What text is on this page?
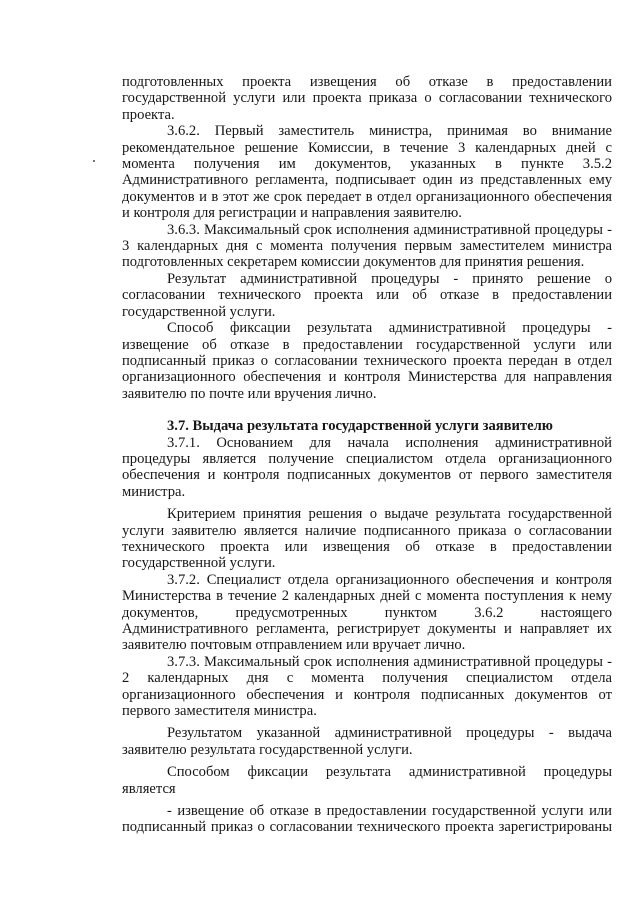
подготовленных проекта извещения об отказе в предоставлении
государственной услуги или проекта приказа о согласовании технического
проекта.
3.6.2. Первый заместитель министра, принимая во внимание
рекомендательное решение Комиссии, в течение 3 календарных дней с
момента получения им документов, указанных в пункте 3.5.2
Административного регламента, подписывает один из представленных ему
документов и в этот же срок передает в отдел организационного обеспечения
и контроля для регистрации и направления заявителю.
3.6.3. Максимальный срок исполнения административной процедуры -
3 календарных дня с момента получения первым заместителем министра
подготовленных секретарем комиссии документов для принятия решения.
Результат административной процедуры - принято решение о
согласовании технического проекта или об отказе в предоставлении
государственной услуги.
Способ фиксации результата административной процедуры -
извещение об отказе в предоставлении государственной услуги или
подписанный приказ о согласовании технического проекта передан в отдел
организационного обеспечения и контроля Министерства для направления
заявителю по почте или вручения лично.
3.7. Выдача результата государственной услуги заявителю
3.7.1. Основанием для начала исполнения административной
процедуры является получение специалистом отдела организационного
обеспечения и контроля подписанных документов от первого заместителя
министра.
Критерием принятия решения о выдаче результата государственной
услуги заявителю является наличие подписанного приказа о согласовании
технического проекта или извещения об отказе в предоставлении
государственной услуги.
3.7.2. Специалист отдела организационного обеспечения и контроля
Министерства в течение 2 календарных дней с момента поступления к нему
документов, предусмотренных пунктом 3.6.2 настоящего
Административного регламента, регистрирует документы и направляет их
заявителю почтовым отправлением или вручает лично.
3.7.3. Максимальный срок исполнения административной процедуры -
2 календарных дня с момента получения специалистом отдела
организационного обеспечения и контроля подписанных документов от
первого заместителя министра.
Результатом указанной административной процедуры - выдача
заявителю результата государственной услуги.
Способом фиксации результата административной процедуры
является
- извещение об отказе в предоставлении государственной услуги или
подписанный приказ о согласовании технического проекта зарегистрированы
